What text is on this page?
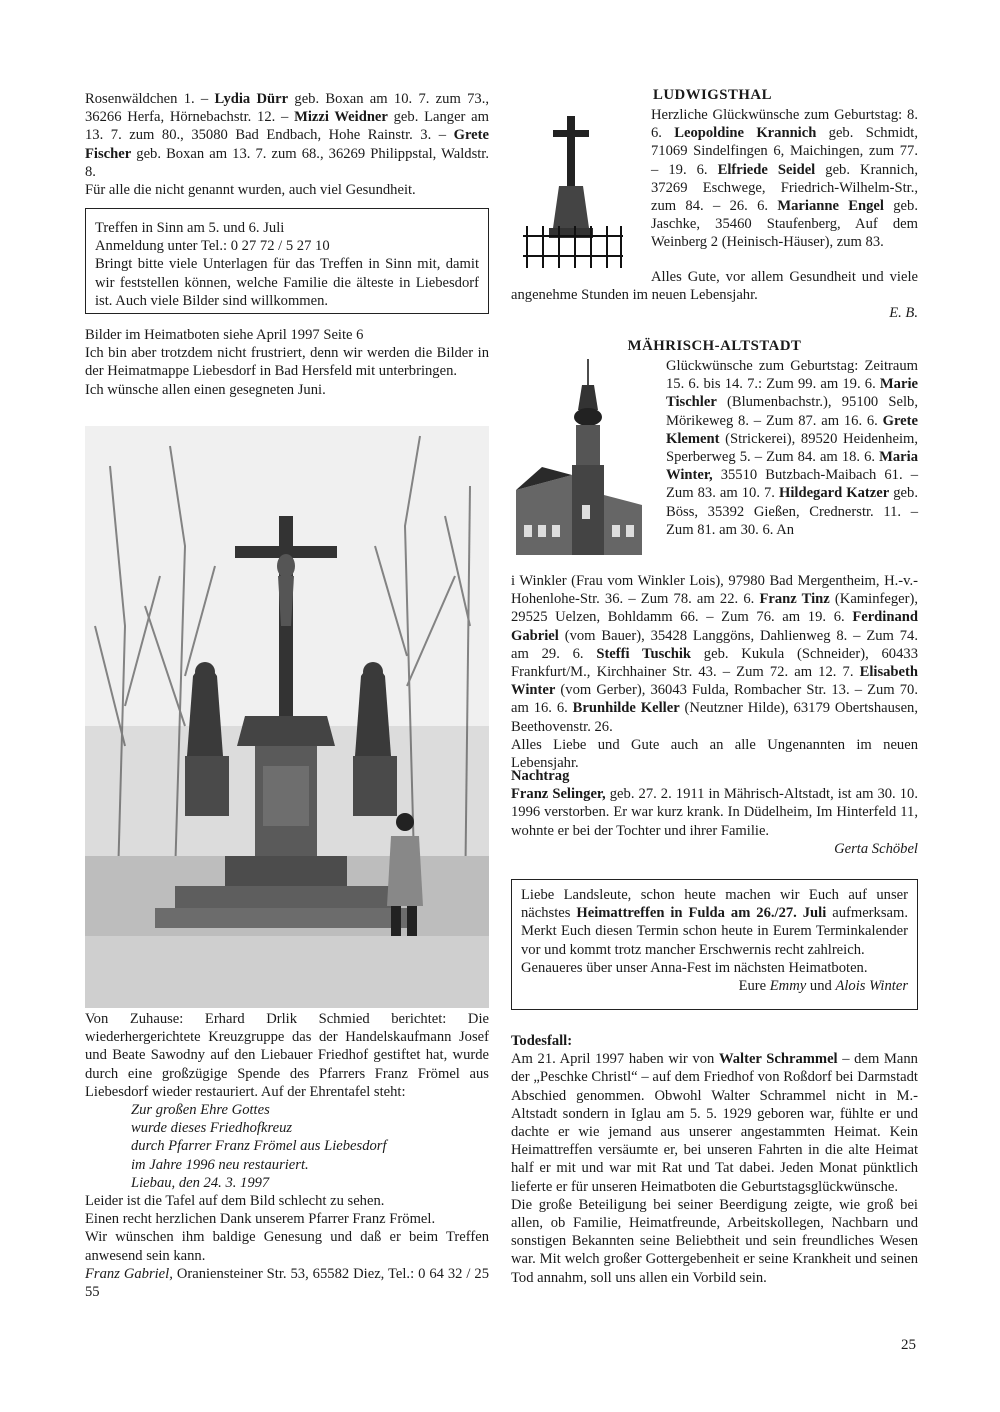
Rosenwäldchen 1. – Lydia Dürr geb. Boxan am 10. 7. zum 73., 36266 Herfa, Hörnebachstr. 12. – Mizzi Weidner geb. Langer am 13. 7. zum 80., 35080 Bad Endbach, Hohe Rainstr. 3. – Grete Fischer geb. Boxan am 13. 7. zum 68., 36269 Philippstal, Waldstr. 8.

Für alle die nicht genannt wurden, auch viel Gesundheit.

Treffen in Sinn am 5. und 6. Juli

Anmeldung unter Tel.: 0 27 72 / 5 27 10

Bringt bitte viele Unterlagen für das Treffen in Sinn mit, damit wir feststellen können, welche Familie die älteste in Liebesdorf ist. Auch viele Bilder sind willkommen.

Bilder im Heimatboten siehe April 1997 Seite 6

Ich bin aber trotzdem nicht frustriert, denn wir werden die Bilder in der Heimatmappe Liebesdorf in Bad Hersfeld mit unterbringen.

Ich wünsche allen einen gesegneten Juni.

Von Zuhause: Erhard Drlik Schmied berichtet: Die wiederhergerichtete Kreuzgruppe das der Handelskaufmann Josef und Beate Sawodny auf den Liebauer Friedhof gestiftet hat, wurde durch eine großzügige Spende des Pfarrers Franz Frömel aus Liebesdorf wieder restauriert. Auf der Ehrentafel steht:

Zur großen Ehre Gottes
wurde dieses Friedhofkreuz
durch Pfarrer Franz Frömel aus Liebesdorf
im Jahre 1996 neu restauriert.
Liebau, den 24. 3. 1997

Leider ist die Tafel auf dem Bild schlecht zu sehen.

Einen recht herzlichen Dank unserem Pfarrer Franz Frömel.

Wir wünschen ihm baldige Genesung und daß er beim Treffen anwesend sein kann.

Franz Gabriel, Oraniensteiner Str. 53, 65582 Diez, Tel.: 0 64 32 / 25 55

LUDWIGSTHAL

Herzliche Glückwünsche zum Geburtstag: 8. 6. Leopoldine Krannich geb. Schmidt, 71069 Sindelfingen 6, Maichingen, zum 77. – 19. 6. Elfriede Seidel geb. Krannich, 37269 Eschwege, Friedrich-Wilhelm-Str., zum 84. – 26. 6. Marianne Engel geb. Jaschke, 35460 Staufenberg, Auf dem Weinberg 2 (Heinisch-Häuser), zum 83.

Alles Gute, vor allem Gesundheit und viele angenehme Stunden im neuen Lebensjahr.
E. B.

MÄHRISCH-ALTSTADT

Glückwünsche zum Geburtstag: Zeitraum 15. 6. bis 14. 7.: Zum 99. am 19. 6. Marie Tischler (Blumenbachstr.), 95100 Selb, Mörikeweg 8. – Zum 87. am 16. 6. Grete Klement (Strickerei), 89520 Heidenheim, Sperberweg 5. – Zum 84. am 18. 6. Maria Winter, 35510 Butzbach-Maibach 61. – Zum 83. am 10. 7. Hildegard Katzer geb. Böss, 35392 Gießen, Crednerstr. 11. – Zum 81. am 30. 6. An

i Winkler (Frau vom Winkler Lois), 97980 Bad Mergentheim, H.-v.-Hohenlohe-Str. 36. – Zum 78. am 22. 6. Franz Tinz (Kaminfeger), 29525 Uelzen, Bohldamm 66. – Zum 76. am 19. 6. Ferdinand Gabriel (vom Bauer), 35428 Langgöns, Dahlienweg 8. – Zum 74. am 29. 6. Steffi Tuschik geb. Kukula (Schneider), 60433 Frankfurt/M., Kirchhainer Str. 43. – Zum 72. am 12. 7. Elisabeth Winter (vom Gerber), 36043 Fulda, Rombacher Str. 13. – Zum 70. am 16. 6. Brunhilde Keller (Neutzner Hilde), 63179 Obertshausen, Beethovenstr. 26.

Alles Liebe und Gute auch an alle Ungenannten im neuen Lebensjahr.

Nachtrag

Franz Selinger, geb. 27. 2. 1911 in Mährisch-Altstadt, ist am 30. 10. 1996 verstorben. Er war kurz krank. In Düdelheim, Im Hinterfeld 11, wohnte er bei der Tochter und ihrer Familie.

Gerta Schöbel

Liebe Landsleute, schon heute machen wir Euch auf unser nächstes Heimattreffen in Fulda am 26./27. Juli aufmerksam. Merkt Euch diesen Termin schon heute in Eurem Terminkalender vor und kommt trotz mancher Erschwernis recht zahlreich.

Genaueres über unser Anna-Fest im nächsten Heimatboten.

Eure Emmy und Alois Winter
Todesfall:

Am 21. April 1997 haben wir von Walter Schrammel – dem Mann der „Peschke Christl“ – auf dem Friedhof von Roßdorf bei Darmstadt Abschied genommen. Obwohl Walter Schrammel nicht in M.-Altstadt sondern in Iglau am 5. 5. 1929 geboren war, fühlte er und dachte er wie jemand aus unserer angestammten Heimat. Kein Heimattreffen versäumte er, bei unseren Fahrten in die alte Heimat half er mit und war mit Rat und Tat dabei. Jeden Monat pünktlich lieferte er für unseren Heimatboten die Geburtstagsglückwünsche.

Die große Beteiligung bei seiner Beerdigung zeigte, wie groß bei allen, ob Familie, Heimatfreunde, Arbeitskollegen, Nachbarn und sonstigen Bekannten seine Beliebtheit und sein freundliches Wesen war. Mit welch großer Gottergebenheit er seine Krankheit und seinen Tod annahm, soll uns allen ein Vorbild sein.

25
